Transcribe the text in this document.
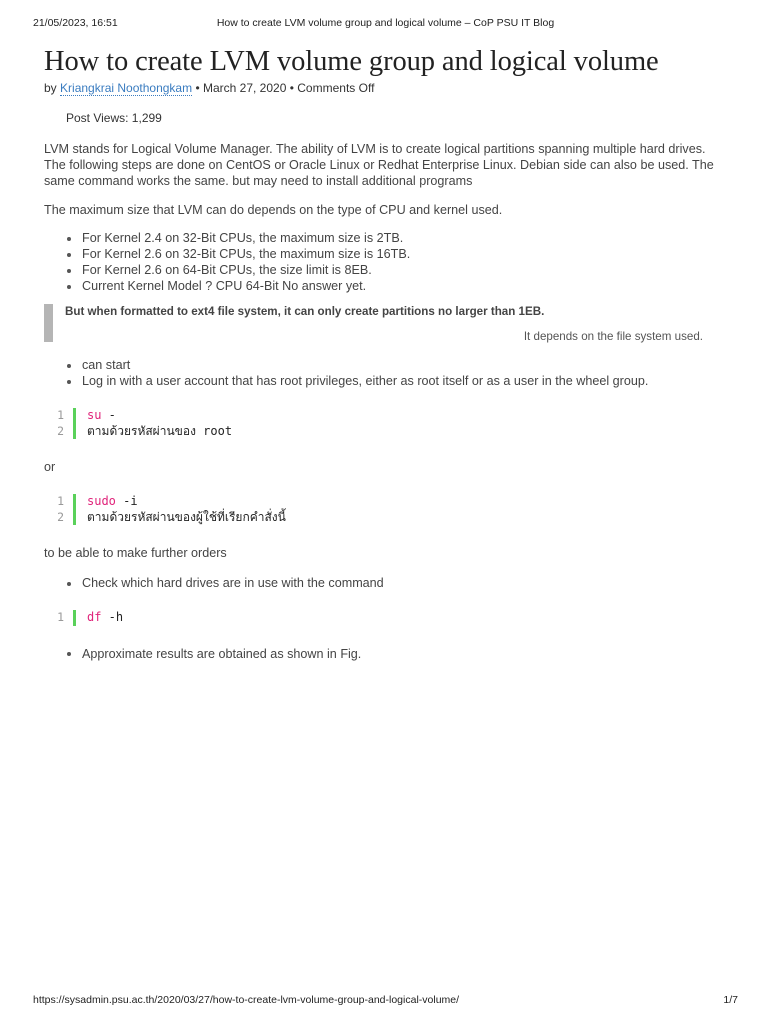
21/05/2023, 16:51	How to create LVM volume group and logical volume – CoP PSU IT Blog
How to create LVM volume group and logical volume
by Kriangkrai Noothongkam • March 27, 2020 • Comments Off
Post Views: 1,299

LVM stands for Logical Volume Manager. The ability of LVM is to create logical partitions spanning multiple hard drives. The following steps are done on CentOS or Oracle Linux or Redhat Enterprise Linux. Debian side can also be used. The same command works the same. but may need to install additional programs

The maximum size that LVM can do depends on the type of CPU and kernel used.

For Kernel 2.4 on 32-Bit CPUs, the maximum size is 2TB.
For Kernel 2.6 on 32-Bit CPUs, the maximum size is 16TB.
For Kernel 2.6 on 64-Bit CPUs, the size limit is 8EB.
Current Kernel Model ? CPU 64-Bit No answer yet.
But when formatted to ext4 file system, it can only create partitions no larger than 1EB.
It depends on the file system used.
can start
Log in with a user account that has root privileges, either as root itself or as a user in the wheel group.
1 su -
2 ตามด้วยรหัสผ่านของ root

or

1 sudo -i
2 ตามด้วยรหัสผ่านของผู้ใช้ที่เรียกคำสั่งนี้

to be able to make further orders

Check which hard drives are in use with the command
1 df -h
Approximate results are obtained as shown in Fig.
https://sysadmin.psu.ac.th/2020/03/27/how-to-create-lvm-volume-group-and-logical-volume/	1/7
